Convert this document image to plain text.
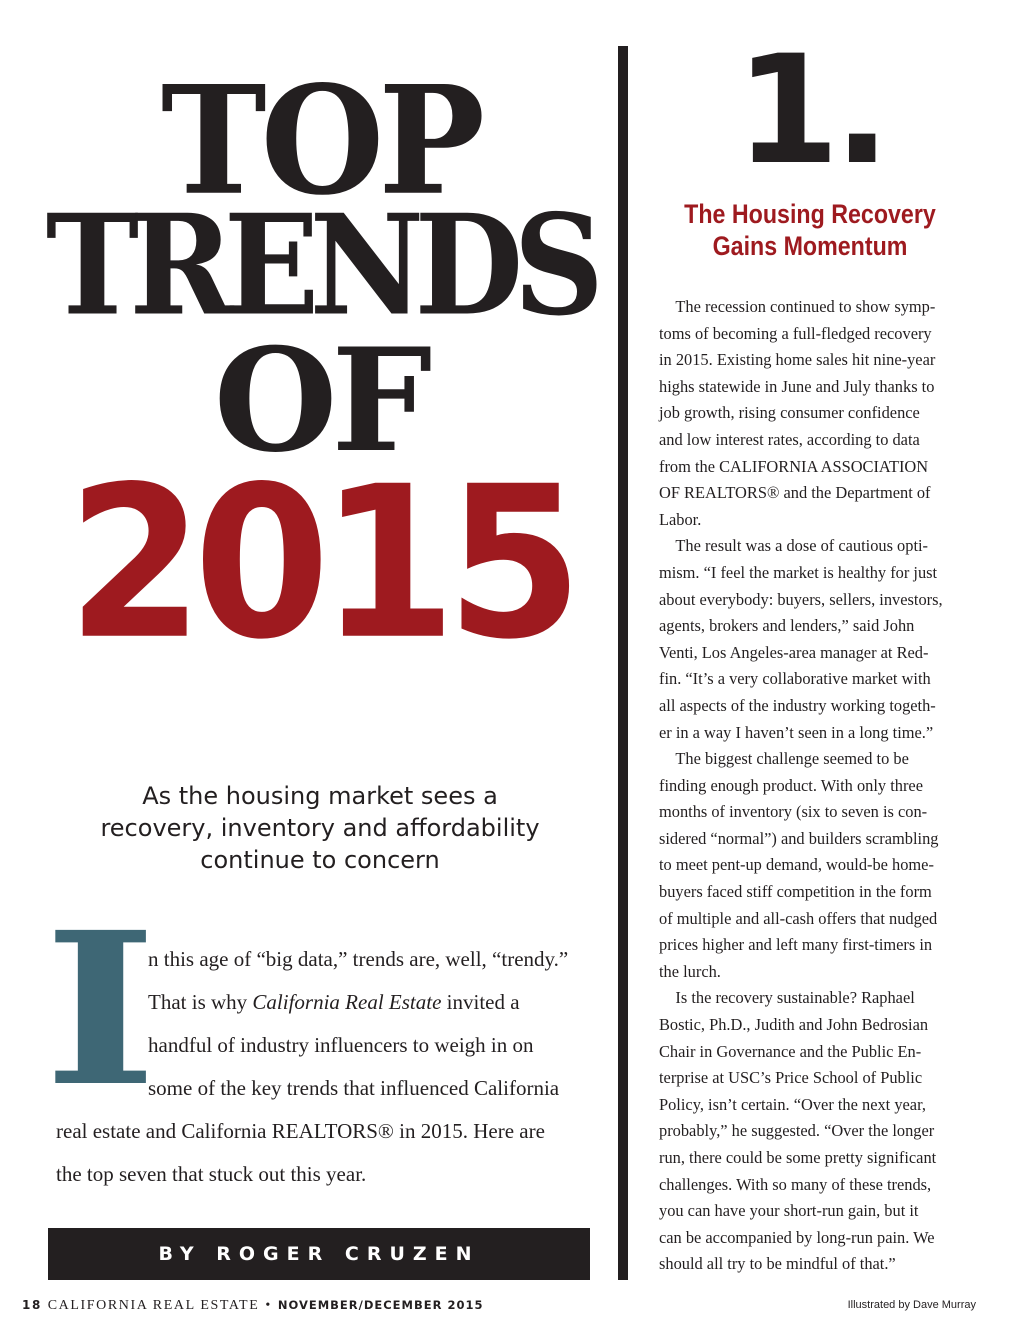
TOP
TRENDS
OF
2015
As the housing market sees a
recovery, inventory and affordability
continue to concern
I
n this age of “big data,” trends are, well, “trendy.”
That is why California Real Estate invited a
handful of industry influencers to weigh in on
some of the key trends that influenced California
real estate and California REALTORS® in 2015. Here are
the top seven that stuck out this year.
BY ROGER CRUZEN
1.
The Housing Recovery
Gains Momentum
 The recession continued to show symp-
toms of becoming a full-fledged recovery
in 2015. Existing home sales hit nine-year
highs statewide in June and July thanks to
job growth, rising consumer confidence
and low interest rates, according to data
from the CALIFORNIA ASSOCIATION
OF REALTORS® and the Department of
Labor.
 The result was a dose of cautious opti-
mism. “I feel the market is healthy for just
about everybody: buyers, sellers, investors,
agents, brokers and lenders,” said John
Venti, Los Angeles-area manager at Red-
fin. “It’s a very collaborative market with
all aspects of the industry working togeth-
er in a way I haven’t seen in a long time.”
 The biggest challenge seemed to be
finding enough product. With only three
months of inventory (six to seven is con-
sidered “normal”) and builders scrambling
to meet pent-up demand, would-be home-
buyers faced stiff competition in the form
of multiple and all-cash offers that nudged
prices higher and left many first-timers in
the lurch.
 Is the recovery sustainable? Raphael
Bostic, Ph.D., Judith and John Bedrosian
Chair in Governance and the Public En-
terprise at USC’s Price School of Public
Policy, isn’t certain. “Over the next year,
probably,” he suggested. “Over the longer
run, there could be some pretty significant
challenges. With so many of these trends,
you can have your short-run gain, but it
can be accompanied by long-run pain. We
should all try to be mindful of that.”
18 CALIFORNIA REAL ESTATE • NOVEMBER/DECEMBER 2015	Illustrated by Dave Murray
